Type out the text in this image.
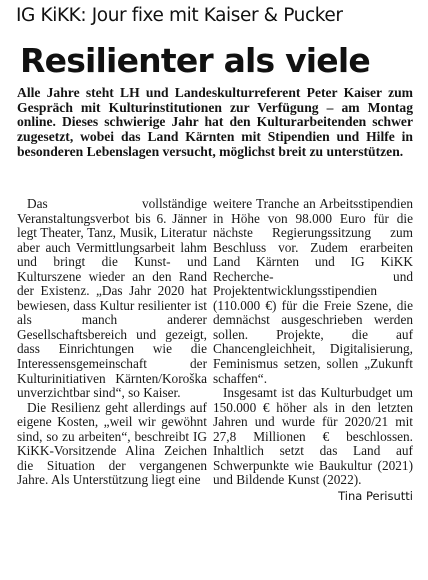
IG KiKK: Jour fixe mit Kaiser & Pucker
Resilienter als viele
Alle Jahre steht LH und Landeskulturreferent Peter Kaiser zum Gespräch mit Kulturinstitutionen zur Verfügung – am Montag online. Dieses schwierige Jahr hat den Kulturarbeitenden schwer zugesetzt, wobei das Land Kärnten mit Stipendien und Hilfe in besonderen Lebenslagen versucht, möglichst breit zu unterstützen.

Das vollständige Veranstaltungsverbot bis 6. Jänner legt Theater, Tanz, Musik, Literatur aber auch Vermittlungsarbeit lahm und bringt die Kunst- und Kulturszene wieder an den Rand der Existenz. „Das Jahr 2020 hat bewiesen, dass Kultur resilienter ist als manch anderer Gesellschaftsbereich und gezeigt, dass Einrichtungen wie die Interessensgemeinschaft der Kulturinitiativen Kärnten/Koroška unverzichtbar sind“, so Kaiser.

Die Resilienz geht allerdings auf eigene Kosten, „weil wir gewöhnt sind, so zu arbeiten“, beschreibt IG KiKK-Vorsitzende Alina Zeichen die Situation der vergangenen Jahre. Als Unterstützung liegt eine

weitere Tranche an Arbeitsstipendien in Höhe von 98.000 Euro für die nächste Regierungssitzung zum Beschluss vor. Zudem erarbeiten Land Kärnten und IG KiKK Recherche- und Projektentwicklungsstipendien (110.000 €) für die Freie Szene, die demnächst ausgeschrieben werden sollen. Projekte, die auf Chancengleichheit, Digitalisierung, Feminismus setzen, sollen „Zukunft schaffen“.

Insgesamt ist das Kulturbudget um 150.000 € höher als in den letzten Jahren und wurde für 2020/21 mit 27,8 Millionen € beschlossen. Inhaltlich setzt das Land auf Schwerpunkte wie Baukultur (2021) und Bildende Kunst (2022).
Tina Perisutti
